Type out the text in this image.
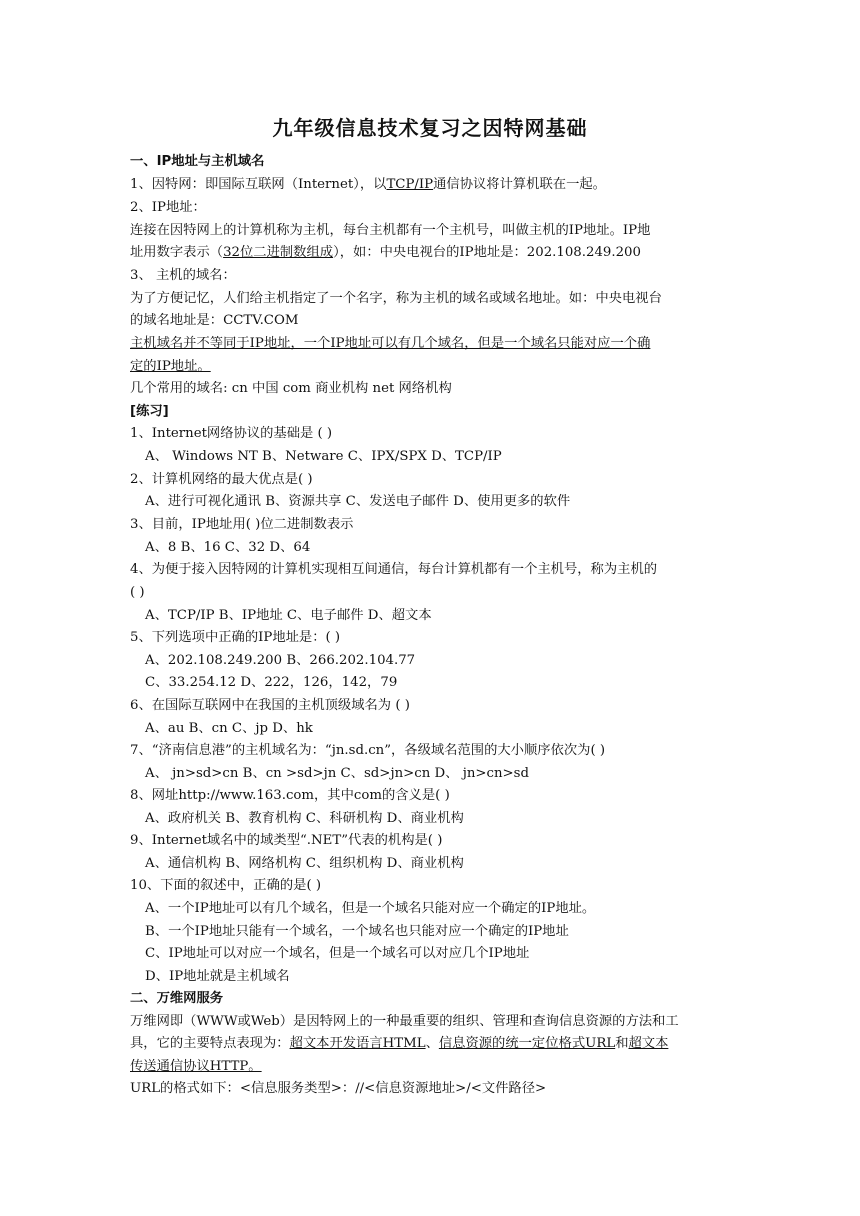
九年级信息技术复习之因特网基础
一、IP地址与主机域名
1、因特网：即国际互联网（Internet），以TCP/IP通信协议将计算机联在一起。
2、IP地址：
连接在因特网上的计算机称为主机，每台主机都有一个主机号，叫做主机的IP地址。IP地
址用数字表示（32位二进制数组成），如：中央电视台的IP地址是：202.108.249.200
3、 主机的域名：
为了方便记忆，人们给主机指定了一个名字，称为主机的域名或域名地址。如：中央电视台
的域名地址是：CCTV.COM
主机域名并不等同于IP地址，一个IP地址可以有几个域名，但是一个域名只能对应一个确
定的IP地址。
几个常用的域名: cn 中国 com 商业机构 net 网络机构
[练习]
1、Internet网络协议的基础是 ( )
A、 Windows NT B、Netware C、IPX/SPX D、TCP/IP
2、计算机网络的最大优点是( )
A、进行可视化通讯 B、资源共享 C、发送电子邮件 D、使用更多的软件
3、目前，IP地址用( )位二进制数表示
A、8 B、16 C、32 D、64
4、为便于接入因特网的计算机实现相互间通信，每台计算机都有一个主机号，称为主机的
( )
A、TCP/IP B、IP地址 C、电子邮件 D、超文本
5、下列选项中正确的IP地址是：( )
A、202.108.249.200 B、266.202.104.77
C、33.254.12 D、222，126，142，79
6、在国际互联网中在我国的主机顶级域名为 ( )
A、au B、cn C、jp D、hk
7、“济南信息港”的主机域名为：“jn.sd.cn”，各级域名范围的大小顺序依次为( )
A、 jn>sd>cn B、cn >sd>jn C、sd>jn>cn D、 jn>cn>sd
8、网址http://www.163.com，其中com的含义是( )
A、政府机关 B、教育机构 C、科研机构 D、商业机构
9、Internet域名中的域类型“.NET”代表的机构是( )
A、通信机构 B、网络机构 C、组织机构 D、商业机构
10、下面的叙述中，正确的是( )
A、一个IP地址可以有几个域名，但是一个域名只能对应一个确定的IP地址。
B、一个IP地址只能有一个域名，一个域名也只能对应一个确定的IP地址
C、IP地址可以对应一个域名，但是一个域名可以对应几个IP地址
D、IP地址就是主机域名
二、万维网服务
万维网即（WWW或Web）是因特网上的一种最重要的组织、管理和查询信息资源的方法和工
具，它的主要特点表现为：超文本开发语言HTML、信息资源的统一定位格式URL和超文本
传送通信协议HTTP。
URL的格式如下：<信息服务类型>：//<信息资源地址>/<文件路径>
